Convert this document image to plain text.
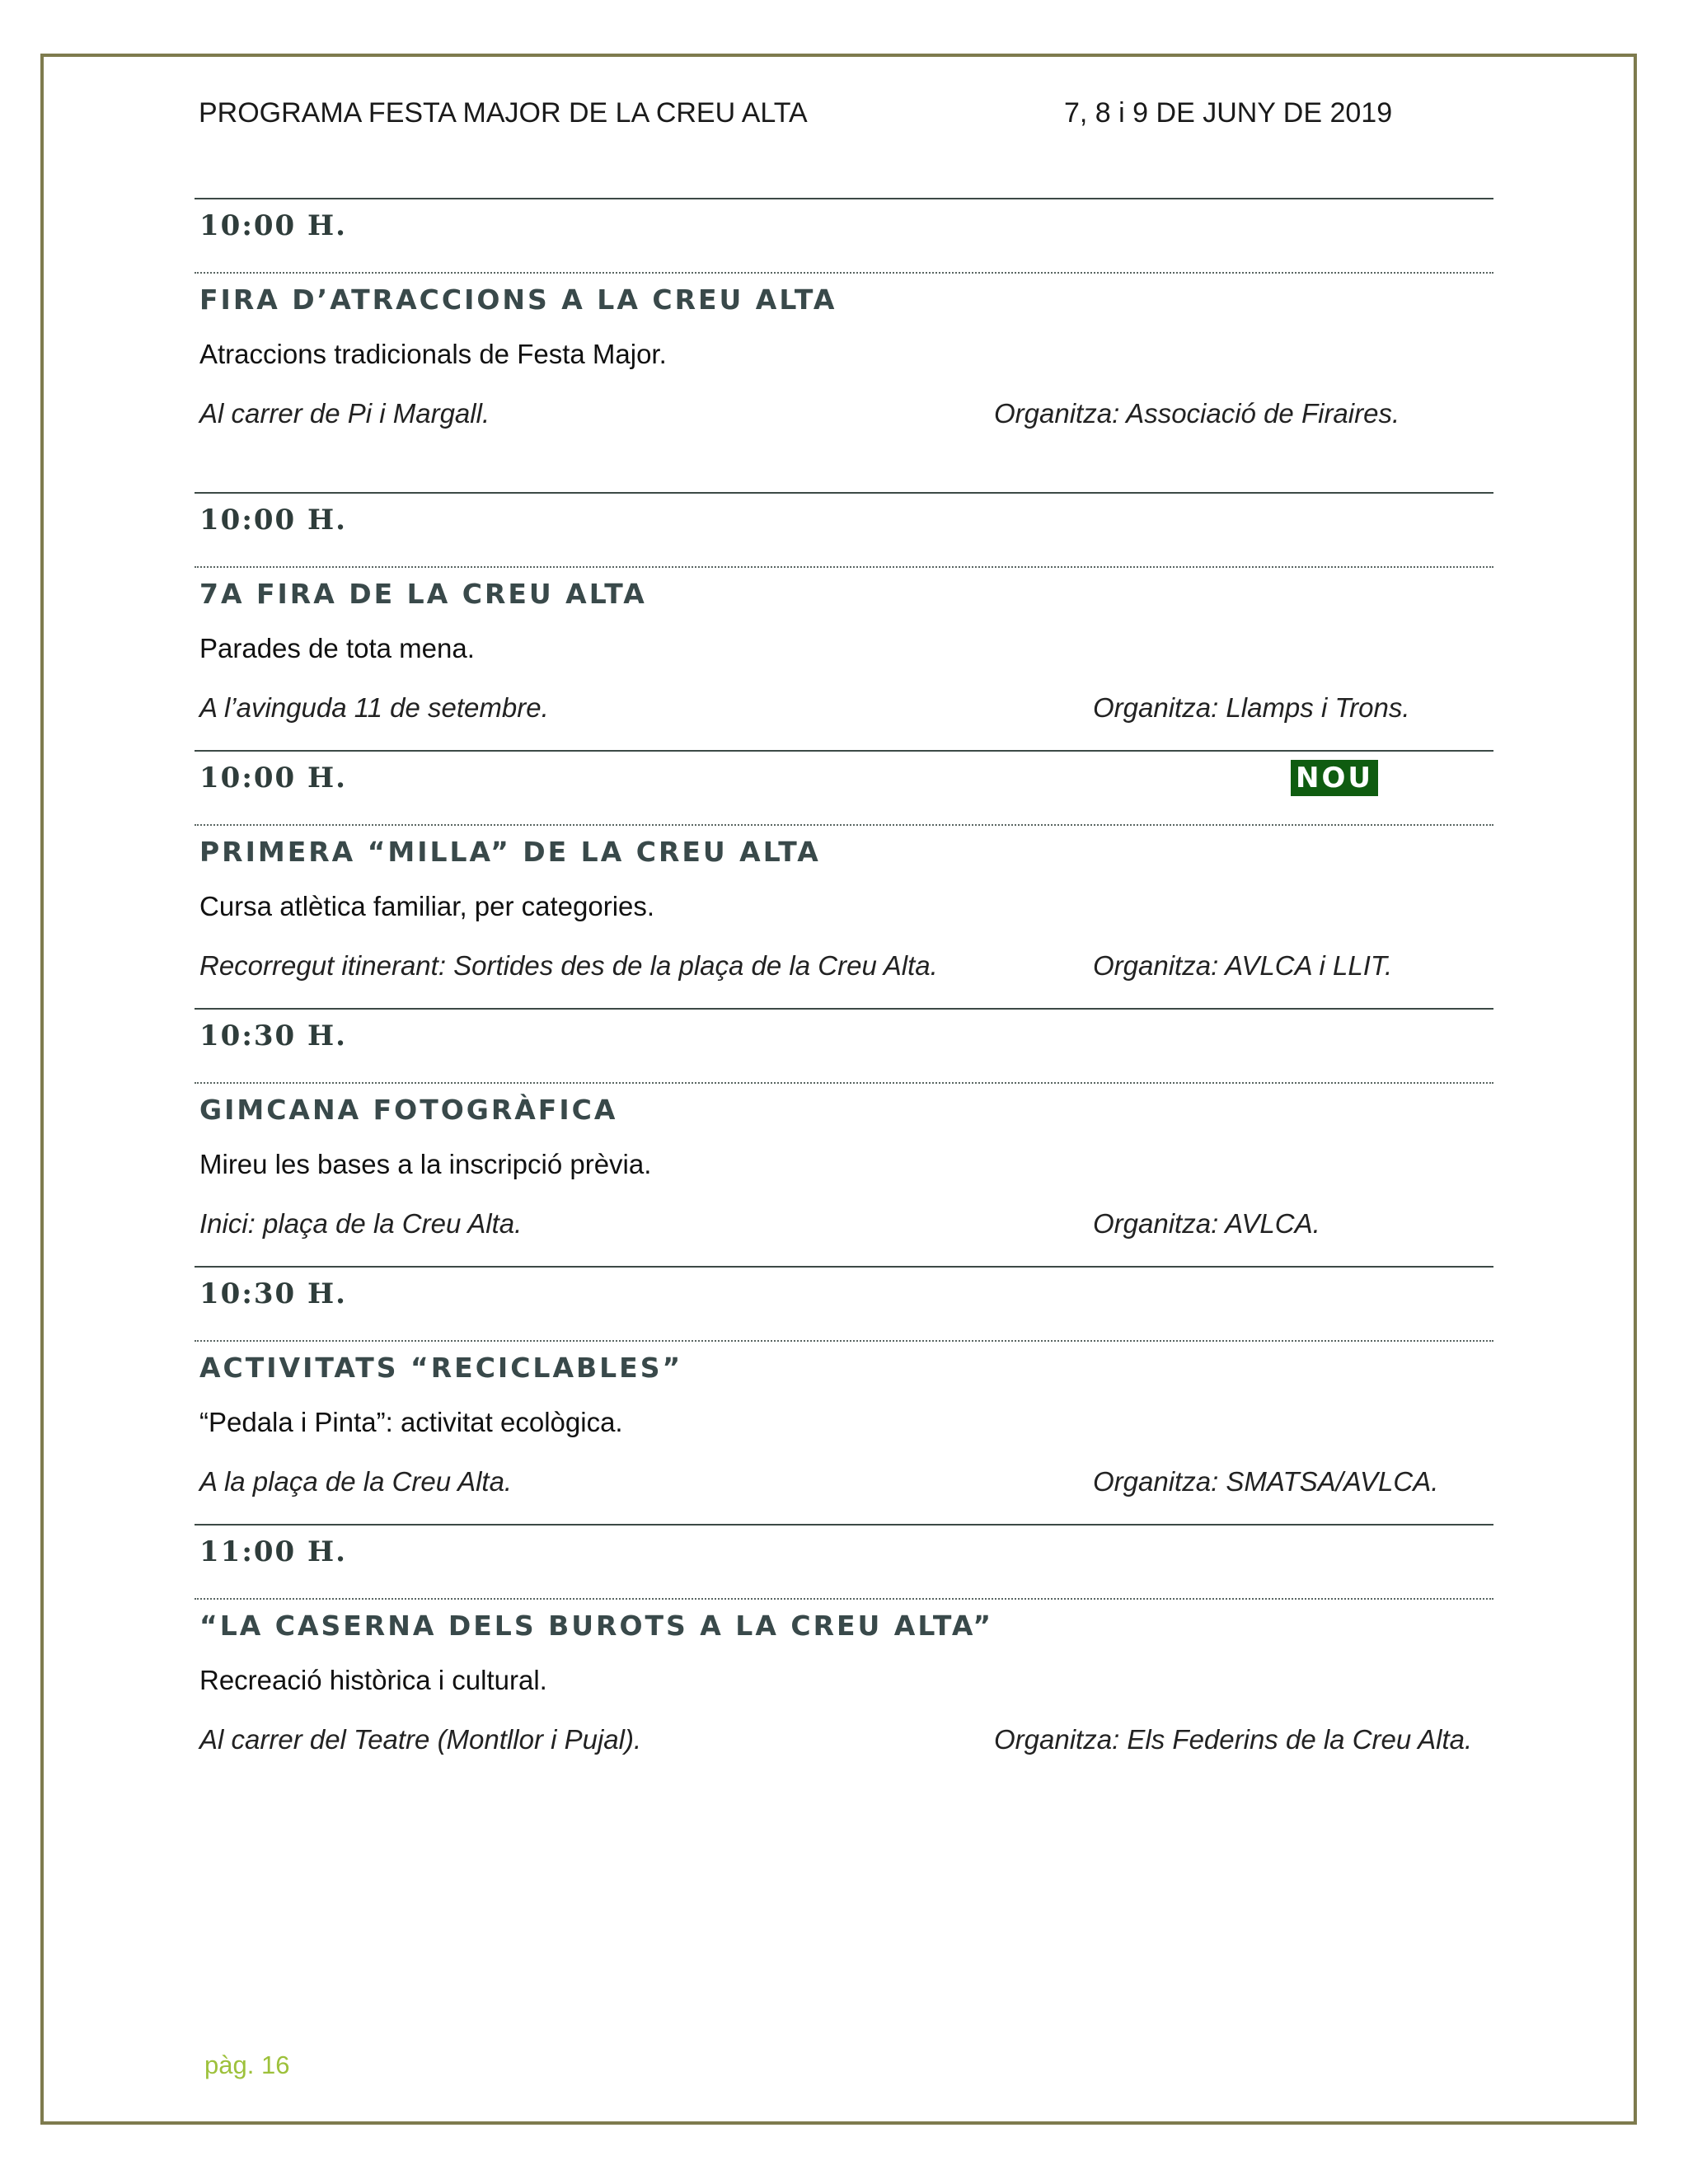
PROGRAMA FESTA MAJOR DE LA CREU ALTA	7, 8 i 9 DE JUNY DE 2019
10:00 H.
FIRA D’ATRACCIONS A LA CREU ALTA
Atraccions tradicionals de Festa Major.
Al carrer de Pi i Margall.	Organitza: Associació de Firaires.
10:00 H.
7A FIRA DE LA CREU ALTA
Parades de tota mena.
A l’avinguda 11 de setembre.	Organitza: Llamps i Trons.
10:00 H.	NOU
PRIMERA “MILLA” DE LA CREU ALTA
Cursa atlètica familiar, per categories.
Recorregut itinerant: Sortides des de la plaça de la Creu Alta.	Organitza: AVLCA i LLIT.
10:30 H.
GIMCANA FOTOGRÀFICA
Mireu les bases a la inscripció prèvia.
Inici: plaça de la Creu Alta.	Organitza: AVLCA.
10:30 H.
ACTIVITATS “RECICLABLES”
“Pedala i Pinta”: activitat ecològica.
A la plaça de la Creu Alta.	Organitza: SMATSA/AVLCA.
11:00 H.
“LA CASERNA DELS BUROTS A LA CREU ALTA”
Recreació històrica i cultural.
Al carrer del Teatre (Montllor i Pujal).	Organitza: Els Federins de la Creu Alta.
pàg. 16
